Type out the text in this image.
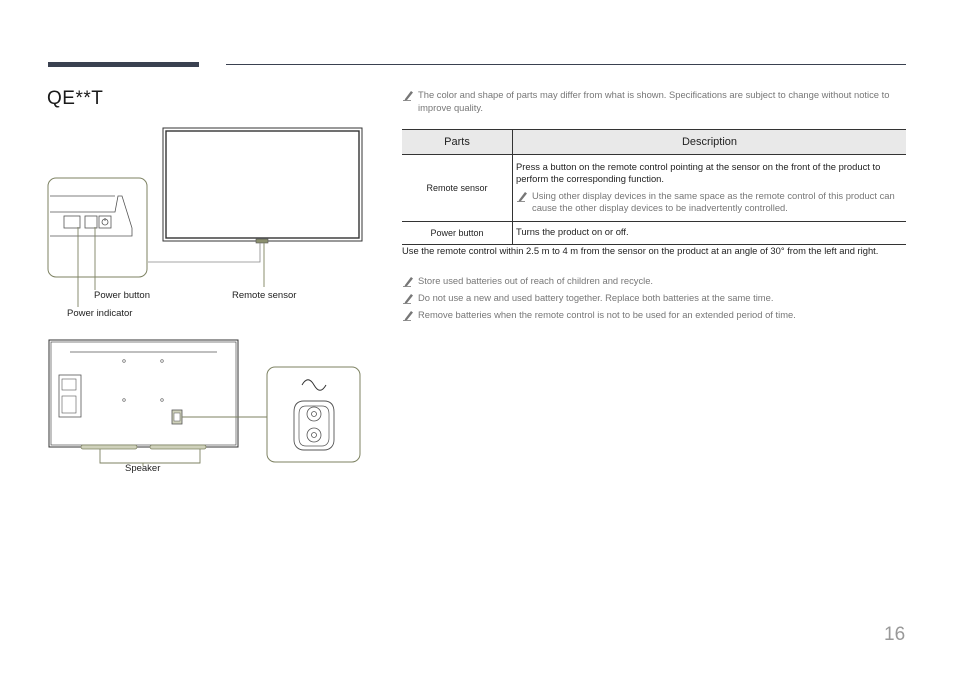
QE**T
Power button	Remote sensor
Power indicator
Speaker
The color and shape of parts may differ from what is shown. Specifications are subject to change without notice to improve quality.
Parts	Description
Remote sensor	Press a button on the remote control pointing at the sensor on the front of the product to perform the corresponding function.
Using other display devices in the same space as the remote control of this product can cause the other display devices to be inadvertently controlled.

Power button	Turns the product on or off.
Use the remote control within 2.5 m to 4 m from the sensor on the product at an angle of 30° from the left and right.
Store used batteries out of reach of children and recycle.
Do not use a new and used battery together. Replace both batteries at the same time.
Remove batteries when the remote control is not to be used for an extended period of time.
16
